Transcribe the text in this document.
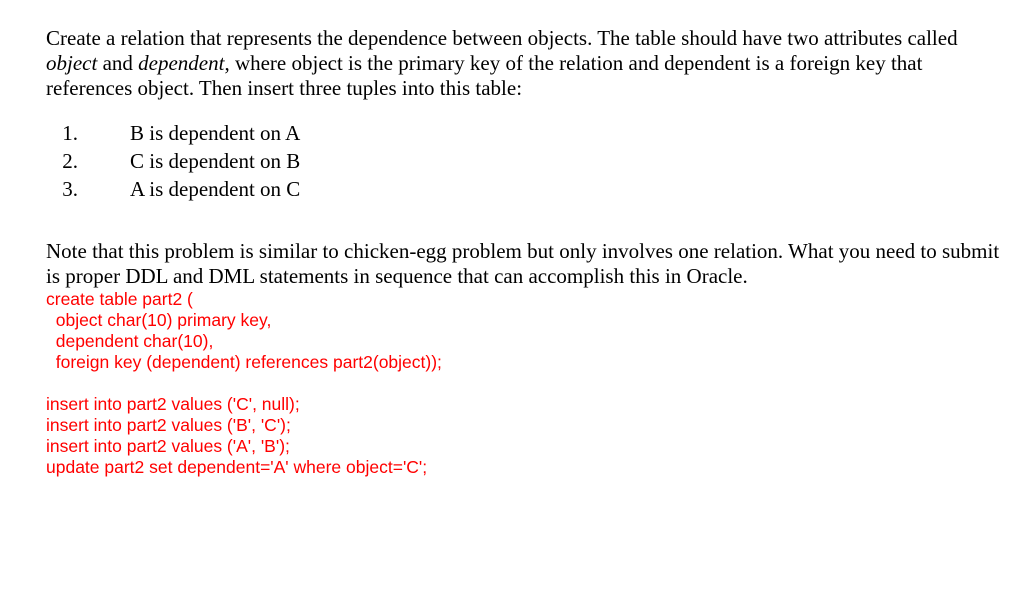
Create a relation that represents the dependence between objects. The table should have two attributes called object and dependent, where object is the primary key of the relation and dependent is a foreign key that references object. Then insert three tuples into this table:

1. B is dependent on A
2. C is dependent on B
3. A is dependent on C

Note that this problem is similar to chicken-egg problem but only involves one relation. What you need to submit is proper DDL and DML statements in sequence that can accomplish this in Oracle.

create table part2 (
object char(10) primary key,
dependent char(10),
foreign key (dependent) references part2(object));
insert into part2 values ('C', null);
insert into part2 values ('B', 'C');
insert into part2 values ('A', 'B');
update part2 set dependent='A' where object='C';
